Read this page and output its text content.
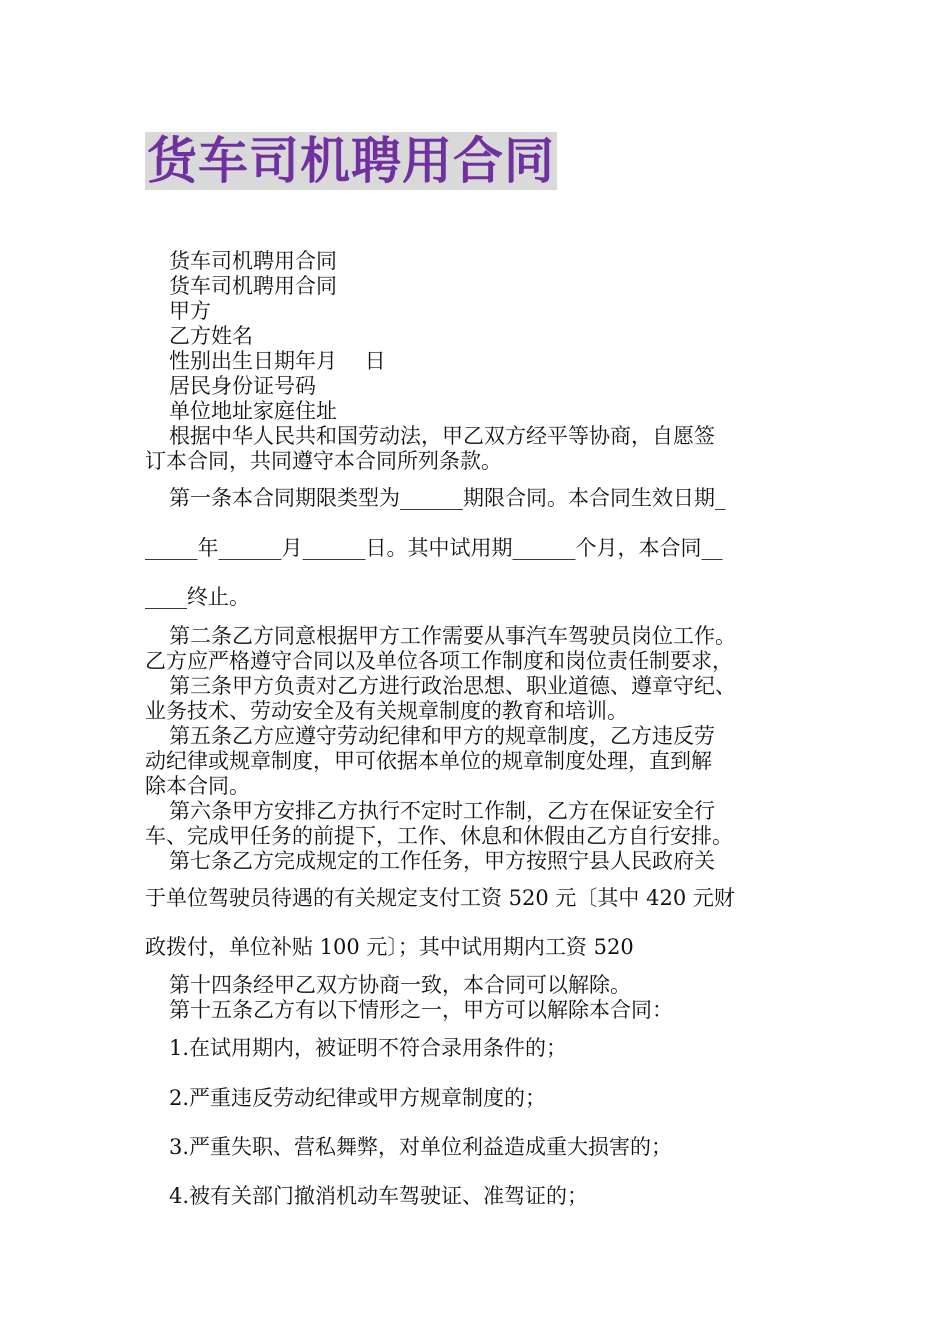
货车司机聘用合同
货车司机聘用合同
货车司机聘用合同
甲方
乙方姓名
性别出生日期年月　 日
居民身份证号码
单位地址家庭住址
根据中华人民共和国劳动法，甲乙双方经平等协商，自愿签
订本合同，共同遵守本合同所列条款。
第一条本合同期限类型为______期限合同。本合同生效日期_
_____年______月______日。其中试用期______个月，本合同__
____终止。
第二条乙方同意根据甲方工作需要从事汽车驾驶员岗位工作。
乙方应严格遵守合同以及单位各项工作制度和岗位责任制要求，
第三条甲方负责对乙方进行政治思想、职业道德、遵章守纪、
业务技术、劳动安全及有关规章制度的教育和培训。
第五条乙方应遵守劳动纪律和甲方的规章制度，乙方违反劳
动纪律或规章制度，甲可依据本单位的规章制度处理，直到解
除本合同。
第六条甲方安排乙方执行不定时工作制，乙方在保证安全行
车、完成甲任务的前提下，工作、休息和休假由乙方自行安排。
第七条乙方完成规定的工作任务，甲方按照宁县人民政府关
于单位驾驶员待遇的有关规定支付工资 520 元〔其中 420 元财
政拨付，单位补贴 100 元〕；其中试用期内工资 520
第十四条经甲乙双方协商一致，本合同可以解除。
第十五条乙方有以下情形之一，甲方可以解除本合同：
1.在试用期内，被证明不符合录用条件的；
2.严重违反劳动纪律或甲方规章制度的；
3.严重失职、营私舞弊，对单位利益造成重大损害的；
4.被有关部门撤消机动车驾驶证、准驾证的；
